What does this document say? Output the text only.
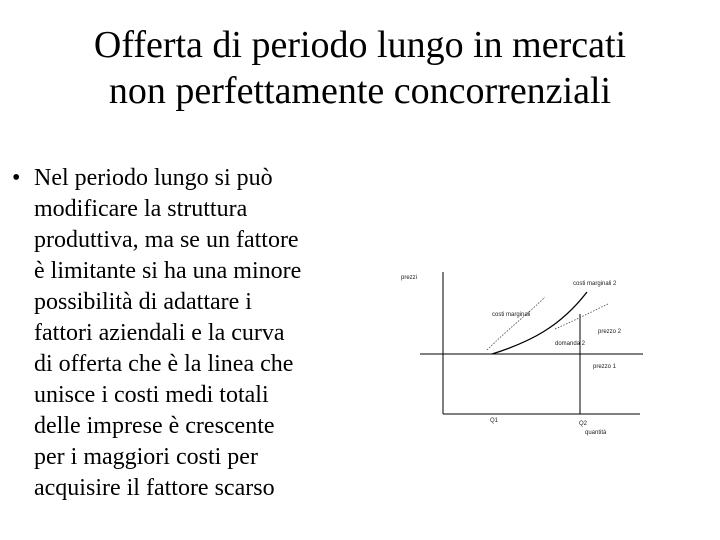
Offerta di periodo lungo in mercati
non perfettamente concorrenziali
• Nel periodo lungo si può
modificare la struttura
produttiva, ma se un fattore
è limitante si ha una minore
possibilità di adattare i
fattori aziendali e la curva
di offerta che è la linea che
unisce i costi medi totali
delle imprese è crescente
per i maggiori costi per
acquisire il fattore scarso
prezzi
costi marginali 2
costi marginali
prezzo 2
domanda 2
prezzo 1
Q1	Q2
quantità
